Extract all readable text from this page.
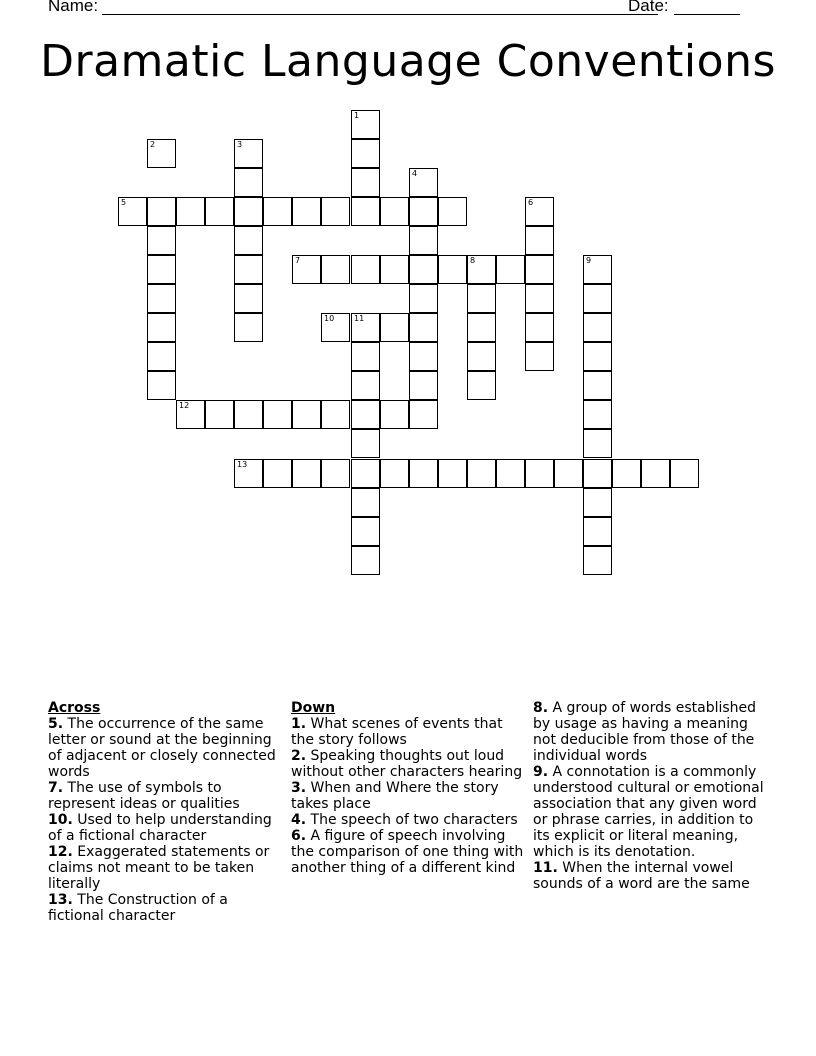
Name:	Date:
Dramatic Language Conventions
1
2	3
4
5	6
7	8	9
10 11
12
13
Across
5. The occurrence of the same letter or sound at the beginning of adjacent or closely connected words
7. The use of symbols to represent ideas or qualities
10. Used to help understanding of a fictional character
12. Exaggerated statements or claims not meant to be taken literally
13. The Construction of a fictional character
Down
1. What scenes of events that the story follows
2. Speaking thoughts out loud without other characters hearing
3. When and Where the story takes place
4. The speech of two characters
6. A figure of speech involving the comparison of one thing with another thing of a different kind
8. A group of words established by usage as having a meaning not deducible from those of the individual words
9. A connotation is a commonly understood cultural or emotional association that any given word or phrase carries, in addition to its explicit or literal meaning, which is its denotation.
11. When the internal vowel sounds of a word are the same
